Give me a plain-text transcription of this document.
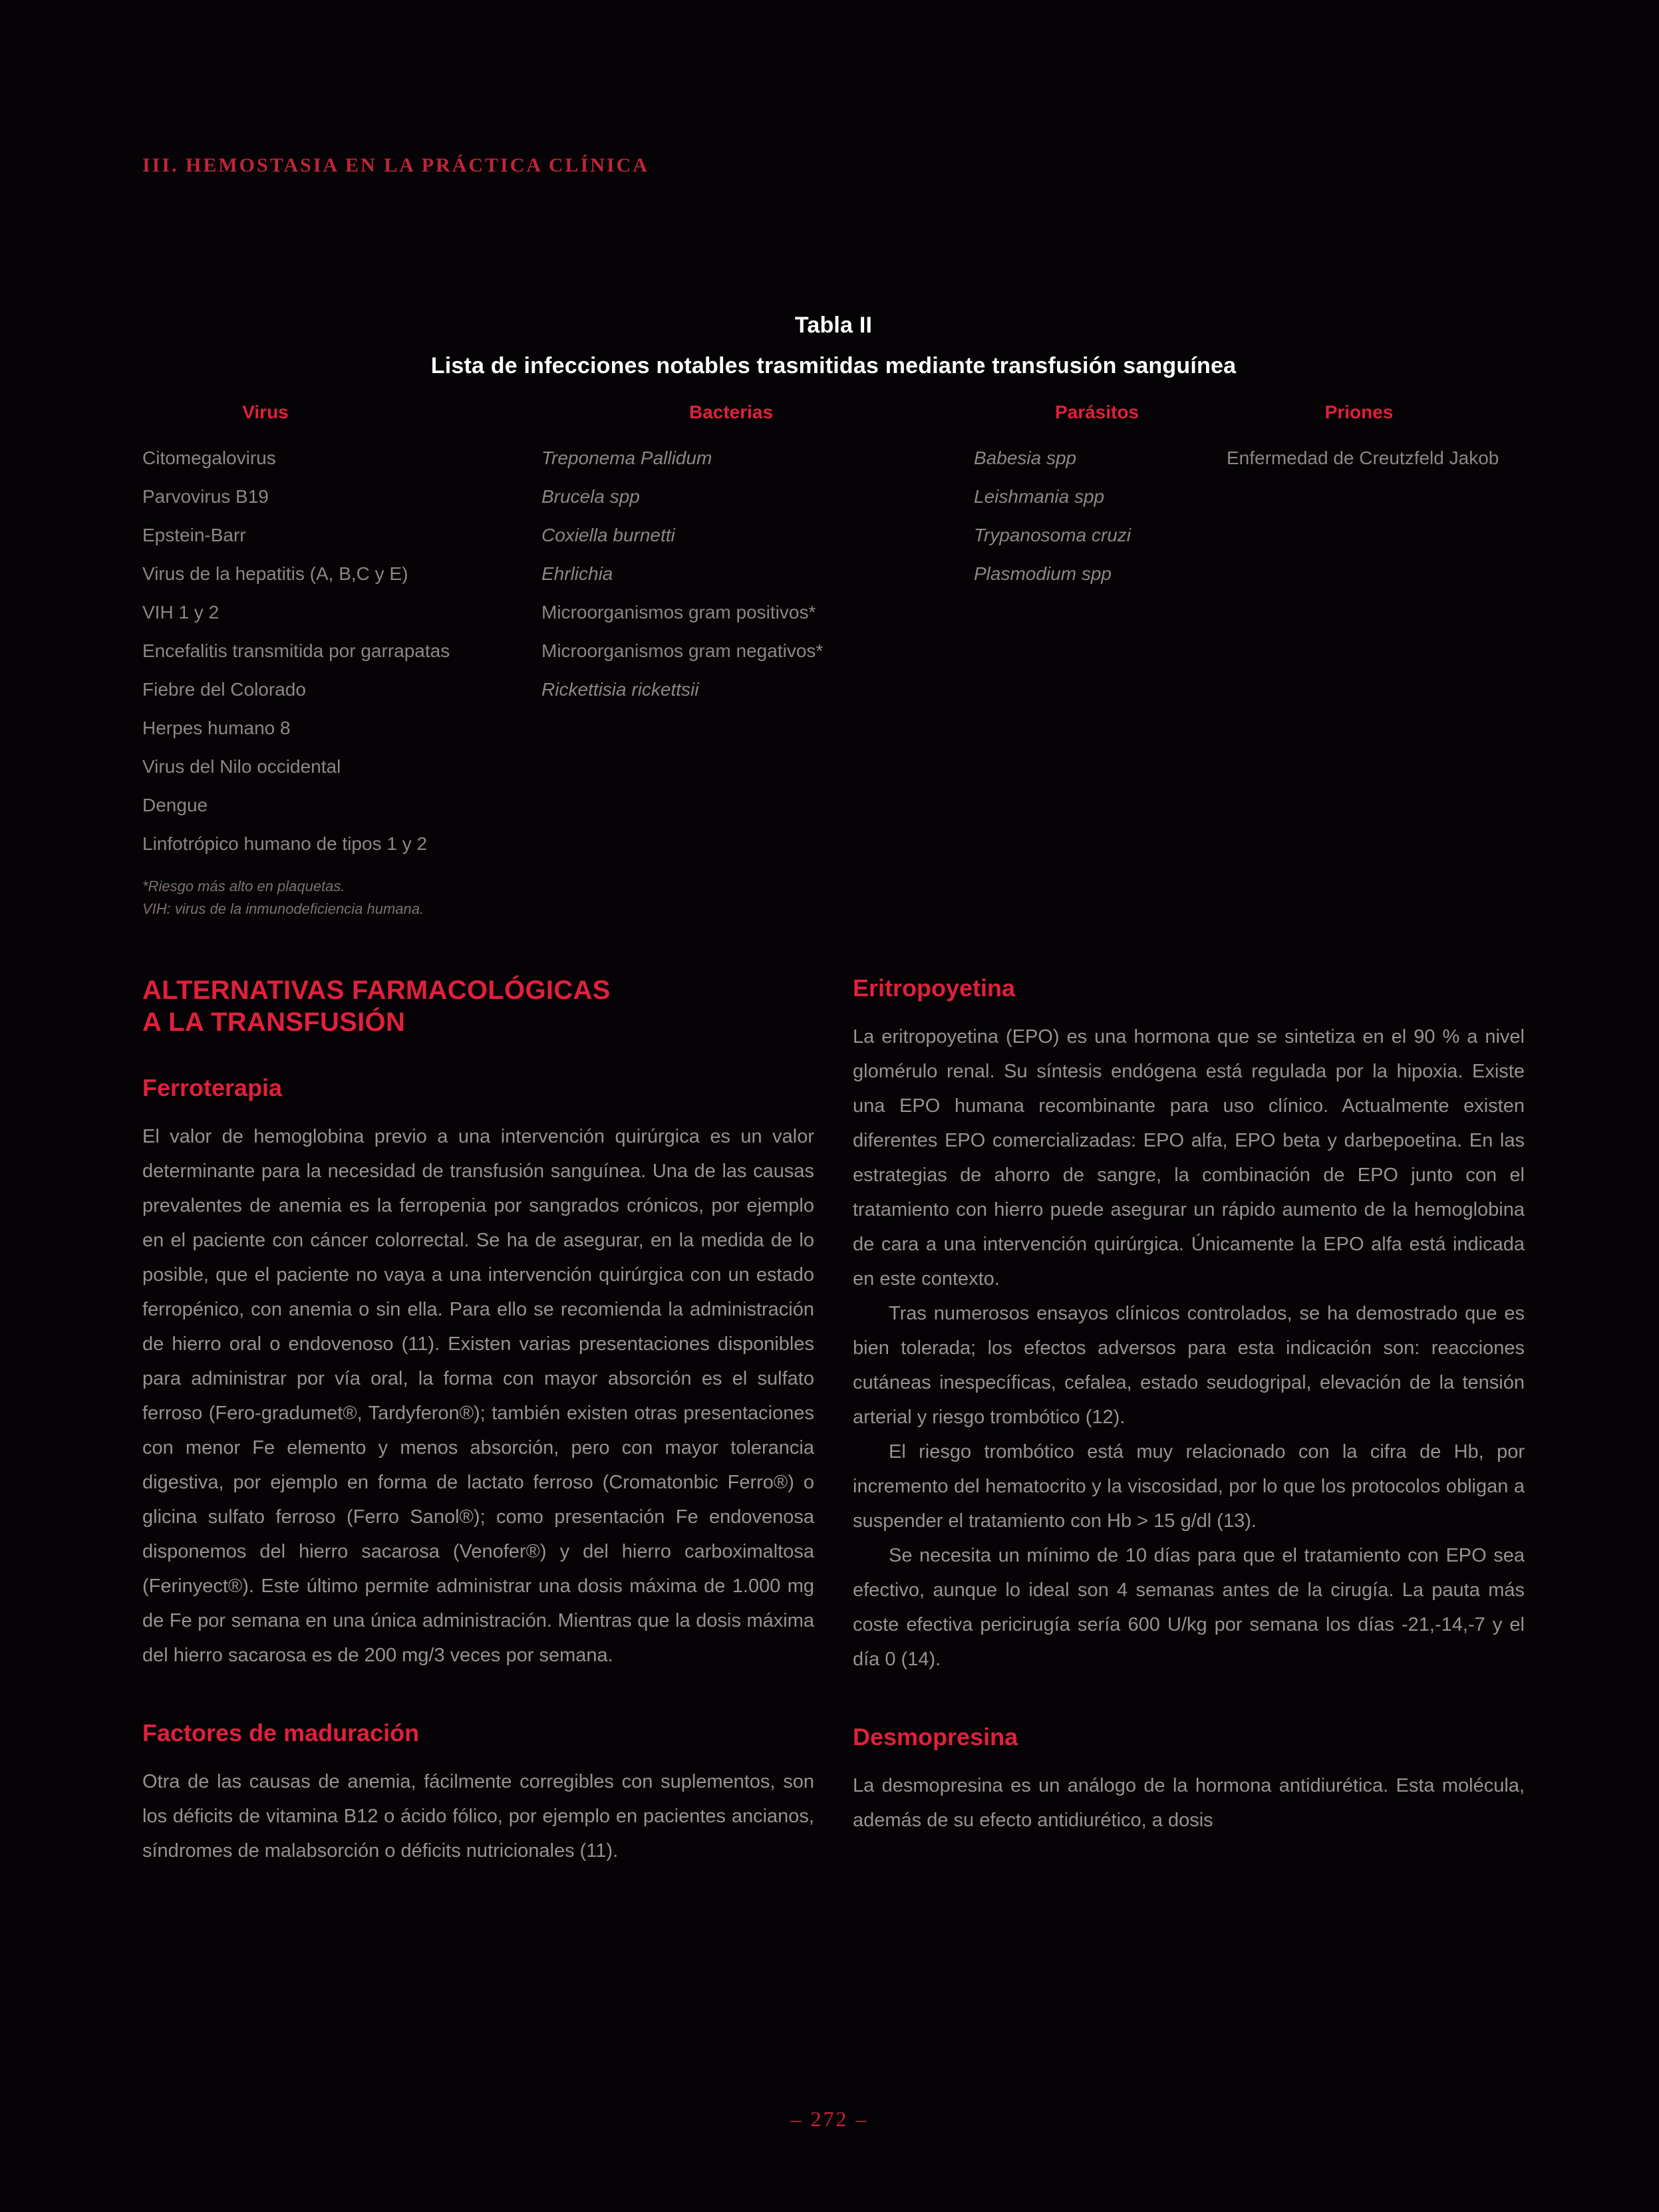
III. HEMOSTASIA EN LA PRÁCTICA CLÍNICA
Tabla II
Lista de infecciones notables trasmitidas mediante transfusión sanguínea
Virus
Citomegalovirus
Parvovirus B19
Epstein-Barr
Virus de la hepatitis (A, B,C y E)
VIH 1 y 2
Encefalitis transmitida por garrapatas
Fiebre del Colorado
Herpes humano 8
Virus del Nilo occidental
Dengue
Linfotrópico humano de tipos 1 y 2
*Riesgo más alto en plaquetas.
VIH: virus de la inmunodeficiencia humana.
Bacterias
Treponema Pallidum
Brucela spp
Coxiella burnetti
Ehrlichia
Microorganismos gram positivos*
Microorganismos gram negativos*
Rickettisia rickettsii
Parásitos
Babesia spp
Leishmania spp
Trypanosoma cruzi
Plasmodium spp
Priones
Enfermedad de Creutzfeld Jakob
ALTERNATIVAS FARMACOLÓGICAS
A LA TRANSFUSIÓN
Ferroterapia

El valor de hemoglobina previo a una intervención quirúrgica es un valor determinante para la necesidad de transfusión sanguínea. Una de las causas prevalentes de anemia es la ferropenia por sangrados crónicos, por ejemplo en el paciente con cáncer colorrectal. Se ha de asegurar, en la medida de lo posible, que el paciente no vaya a una intervención quirúrgica con un estado ferropénico, con anemia o sin ella. Para ello se recomienda la administración de hierro oral o endovenoso (11). Existen varias presentaciones disponibles para administrar por vía oral, la forma con mayor absorción es el sulfato ferroso (Fero-gradumet®, Tardyferon®); también existen otras presentaciones con menor Fe elemento y menos absorción, pero con mayor tolerancia digestiva, por ejemplo en forma de lactato ferroso (Cromatonbic Ferro®) o glicina sulfato ferroso (Ferro Sanol®); como presentación Fe endovenosa disponemos del hierro sacarosa (Venofer®) y del hierro carboximaltosa (Ferinyect®). Este último permite administrar una dosis máxima de 1.000 mg de Fe por semana en una única administración. Mientras que la dosis máxima del hierro sacarosa es de 200 mg/3 veces por semana.

Factores de maduración

Otra de las causas de anemia, fácilmente corregibles con suplementos, son los déficits de vitamina B12 o ácido fólico, por ejemplo en pacientes ancianos, síndromes de malabsorción o déficits nutricionales (11).

Eritropoyetina

La eritropoyetina (EPO) es una hormona que se sintetiza en el 90 % a nivel glomérulo renal. Su síntesis endógena está regulada por la hipoxia. Existe una EPO humana recombinante para uso clínico. Actualmente existen diferentes EPO comercializadas: EPO alfa, EPO beta y darbepoetina. En las estrategias de ahorro de sangre, la combinación de EPO junto con el tratamiento con hierro puede asegurar un rápido aumento de la hemoglobina de cara a una intervención quirúrgica. Únicamente la EPO alfa está indicada en este contexto.

Tras numerosos ensayos clínicos controlados, se ha demostrado que es bien tolerada; los efectos adversos para esta indicación son: reacciones cutáneas inespecíficas, cefalea, estado seudogripal, elevación de la tensión arterial y riesgo trombótico (12).

El riesgo trombótico está muy relacionado con la cifra de Hb, por incremento del hematocrito y la viscosidad, por lo que los protocolos obligan a suspender el tratamiento con Hb > 15 g/dl (13).

Se necesita un mínimo de 10 días para que el tratamiento con EPO sea efectivo, aunque lo ideal son 4 semanas antes de la cirugía. La pauta más coste efectiva pericirugía sería 600 U/kg por semana los días -21,-14,-7 y el día 0 (14).

Desmopresina

La desmopresina es un análogo de la hormona antidiurética. Esta molécula, además de su efecto antidiurético, a dosis

– 272 –
